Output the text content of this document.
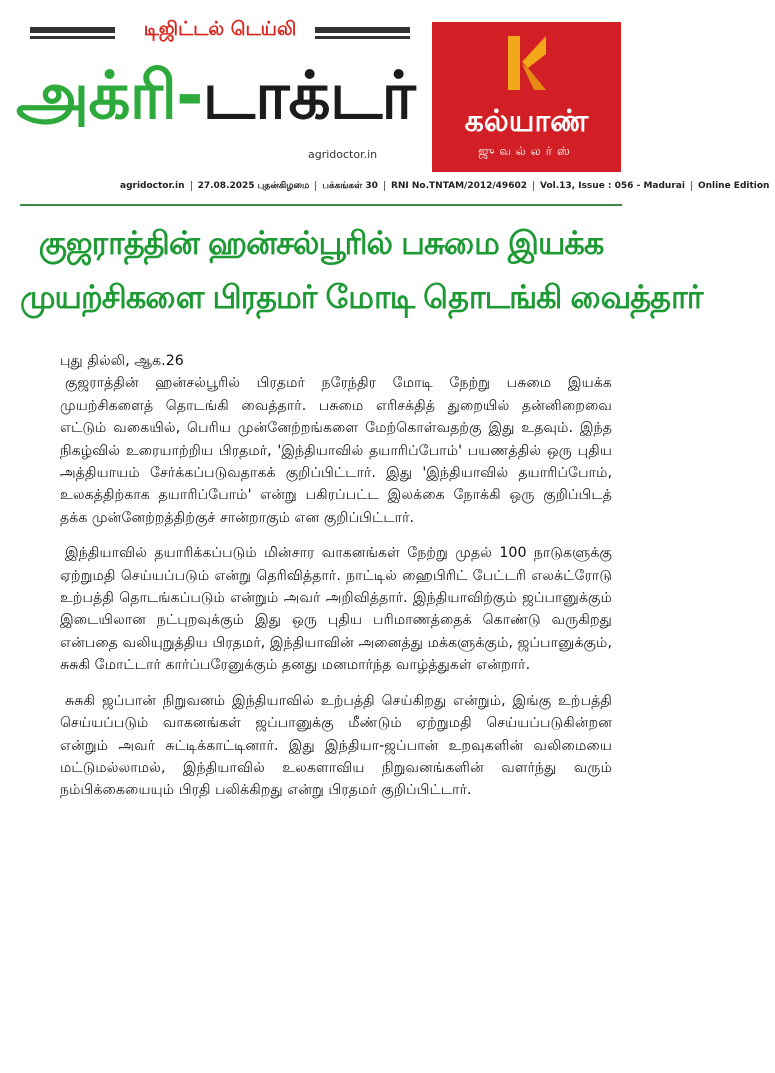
டிஜிட்டல் டெய்லி
அக்ரி-டாக்டர்
agridoctor.in
கல்யாண்
ஜுவல்லர்ஸ்
agridoctor.in	27.08.2025 புதன்கிழமை	பக்கங்கள் 30	RNI No.TNTAM/2012/49602	Vol.13, Issue : 056 - Madurai	Online Edition
குஜராத்தின் ஹன்சல்பூரில் பசுமை இயக்க
முயற்சிகளை பிரதமர் மோடி தொடங்கி வைத்தார்
புது தில்லி, ஆக.26

குஜராத்தின் ஹன்சல்பூரில் பிரதமர் நரேந்திர மோடி நேற்று பசுமை இயக்க முயற்சிகளைத் தொடங்கி வைத்தார். பசுமை எரிசக்தித் துறையில் தன்னிறைவை எட்டும் வகையில், பெரிய முன்னேற்றங்களை மேற்கொள்வதற்கு இது உதவும். இந்த நிகழ்வில் உரையாற்றிய பிரதமர், 'இந்தியாவில் தயாரிப்போம்' பயணத்தில் ஒரு புதிய அத்தியாயம் சேர்க்கப்படுவதாகக் குறிப்பிட்டார். இது 'இந்தியாவில் தயாரிப்போம், உலகத்திற்காக தயாரிப்போம்' என்று பகிரப்பட்ட இலக்கை நோக்கி ஒரு குறிப்பிடத் தக்க முன்னேற்றத்திற்குச் சான்றாகும் என குறிப்பிட்டார்.

இந்தியாவில் தயாரிக்கப்படும் மின்சார வாகனங்கள் நேற்று முதல் 100 நாடுகளுக்கு ஏற்றுமதி செய்யப்படும் என்று தெரிவித்தார். நாட்டில் ஹைபிரிட் பேட்டரி எலக்ட்ரோடு உற்பத்தி தொடங்கப்படும் என்றும் அவர் அறிவித்தார். இந்தியாவிற்கும் ஜப்பானுக்கும் இடையிலான நட்புறவுக்கும் இது ஒரு புதிய பரிமாணத்தைக் கொண்டு வருகிறது என்பதை வலியுறுத்திய பிரதமர், இந்தியாவின் அனைத்து மக்களுக்கும், ஜப்பானுக்கும், சுசுகி மோட்டார் கார்ப்பரேனுக்கும் தனது மனமார்ந்த வாழ்த்துகள் என்றார்.

சுசுகி ஜப்பான் நிறுவனம் இந்தியாவில் உற்பத்தி செய்கிறது என்றும், இங்கு உற்பத்தி செய்யப்படும் வாகனங்கள் ஜப்பானுக்கு மீண்டும் ஏற்றுமதி செய்யப்படுகின்றன என்றும் அவர் சுட்டிக்காட்டினார். இது இந்தியா-ஜப்பான் உறவுகளின் வலிமையை மட்டுமல்லாமல், இந்தியாவில் உலகளாவிய நிறுவனங்களின் வளர்ந்து வரும் நம்பிக்கையையும் பிரதி பலிக்கிறது என்று பிரதமர் குறிப்பிட்டார்.
